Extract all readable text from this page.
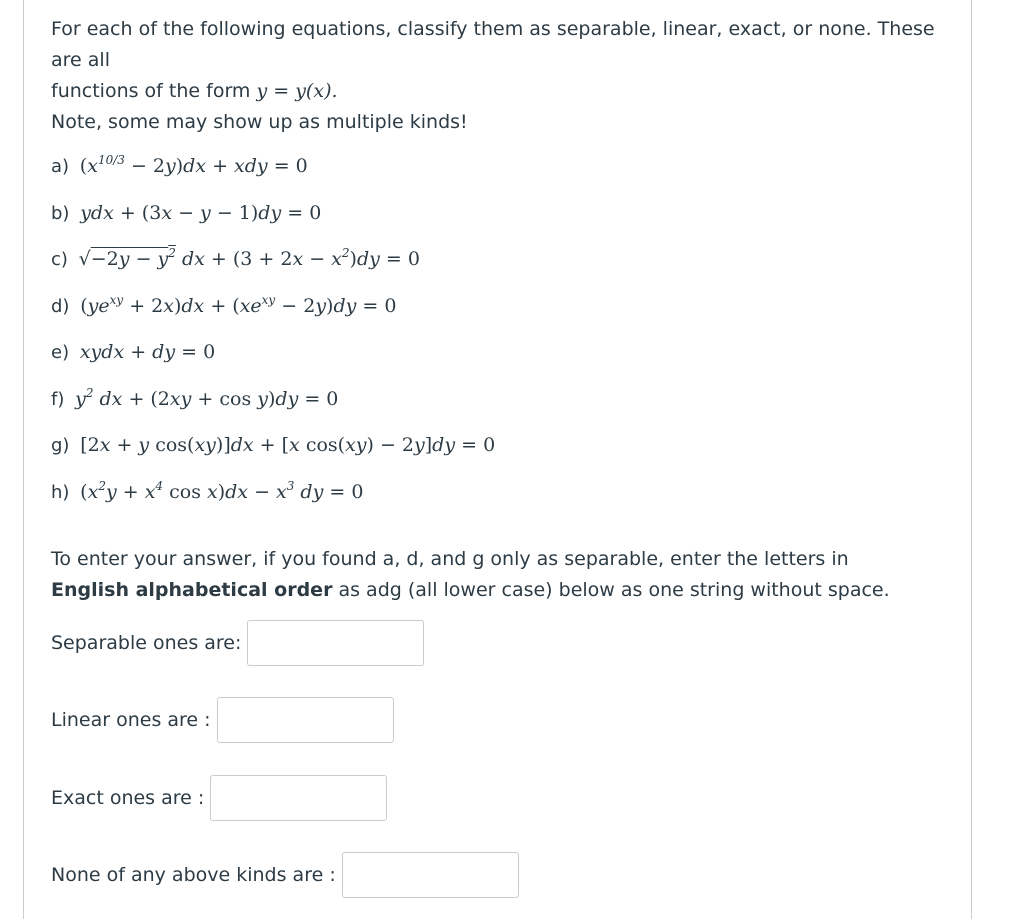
For each of the following equations, classify them as separable, linear, exact, or none. These are all
functions of the form y = y(x).
Note, some may show up as multiple kinds!

a) $(x^{10/3} - 2y)dx$ + xdy = 0
b) ydx + (3x − y − 1)dy = 0
c) $√-2y - y^2$ dx + $(3 + 2x - x^2)dy = 0$
d) $(ye^{xy} + 2x)dx + (xe^{xy} - 2y)dy = 0$
e) xydx + dy = 0
f) $y^2$ dx + (2xy + cos y)dy = 0
g) [2x + y cos(xy)]dx + [x cos(xy) − 2y]dy = 0
h) ($x^2y + x^4$ $\cos x)dx - x^3$ dy = 0

To enter your answer, if you found a, d, and g only as separable, enter the letters in English alphabetical order as adg (all lower case) below as one string without space.

Separable ones are:
Linear ones are :
Exact ones are :
None of any above kinds are :
